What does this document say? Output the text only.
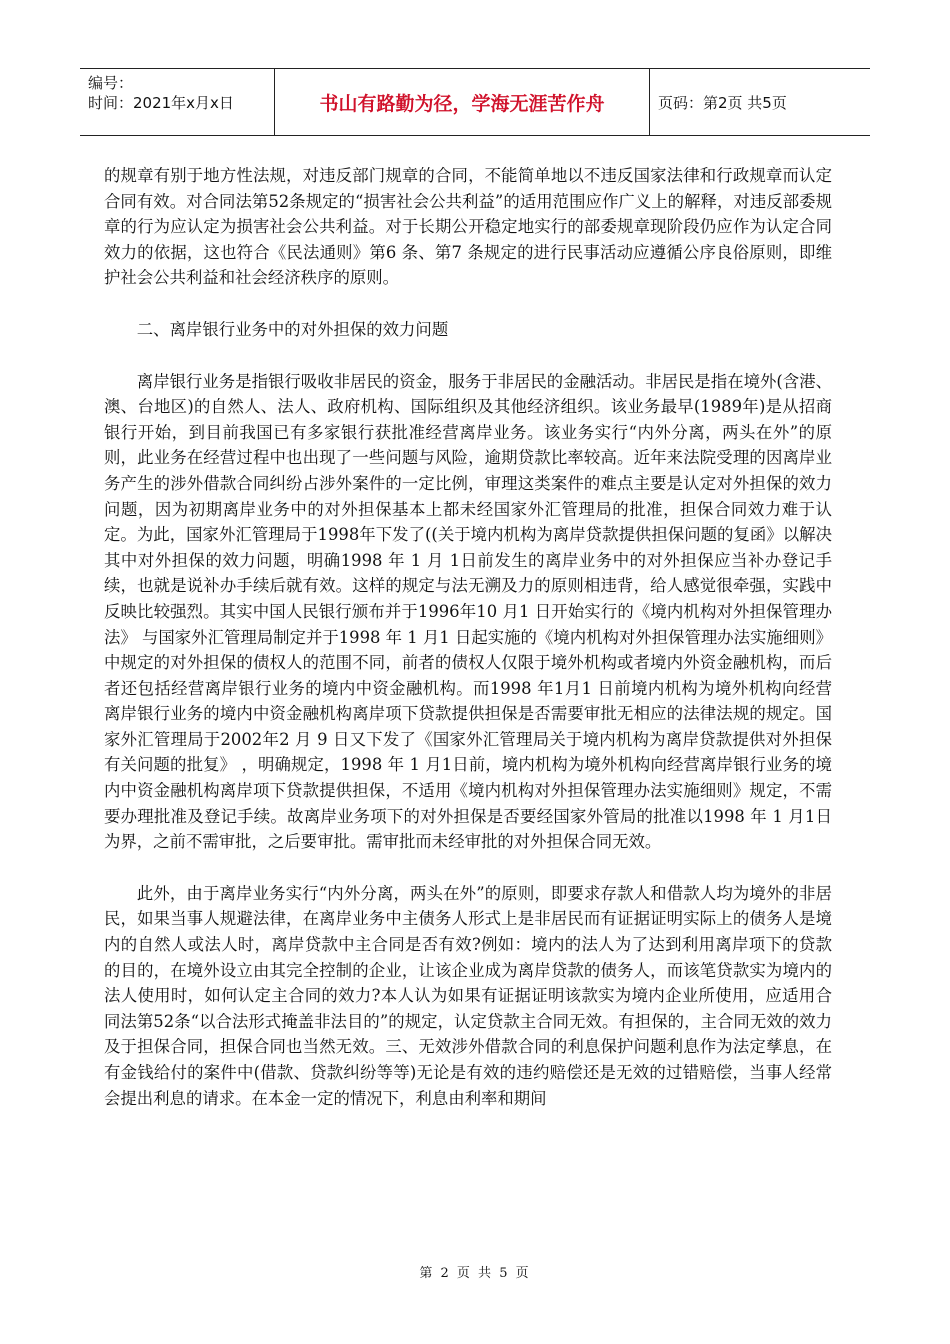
编号：
时间：2021年x月x日	书山有路勤为径，学海无涯苦作舟	页码：第2页 共5页

的规章有别于地方性法规，对违反部门规章的合同，不能简单地以不违反国家法律和行政规章而认定合同有效。对合同法第52条规定的“损害社会公共利益”的适用范围应作广义上的解释，对违反部委规章的行为应认定为损害社会公共利益。对于长期公开稳定地实行的部委规章现阶段仍应作为认定合同效力的依据，这也符合《民法通则》第6 条、第7 条规定的进行民事活动应遵循公序良俗原则，即维护社会公共利益和社会经济秩序的原则。

二、离岸银行业务中的对外担保的效力问题

离岸银行业务是指银行吸收非居民的资金，服务于非居民的金融活动。非居民是指在境外(含港、澳、台地区)的自然人、法人、政府机构、国际组织及其他经济组织。该业务最早(1989年)是从招商银行开始，到目前我国已有多家银行获批准经营离岸业务。该业务实行“内外分离，两头在外”的原则，此业务在经营过程中也出现了一些问题与风险，逾期贷款比率较高。近年来法院受理的因离岸业务产生的涉外借款合同纠纷占涉外案件的一定比例，审理这类案件的难点主要是认定对外担保的效力问题，因为初期离岸业务中的对外担保基本上都未经国家外汇管理局的批准，担保合同效力难于认定。为此，国家外汇管理局于1998年下发了((关于境内机构为离岸贷款提供担保问题的复函》以解决其中对外担保的效力问题，明确1998 年 1 月 1日前发生的离岸业务中的对外担保应当补办登记手续，也就是说补办手续后就有效。这样的规定与法无溯及力的原则相违背，给人感觉很牵强，实践中反映比较强烈。其实中国人民银行颁布并于1996年10 月1 日开始实行的《境内机构对外担保管理办法》 与国家外汇管理局制定并于1998 年 1 月1 日起实施的《境内机构对外担保管理办法实施细则》中规定的对外担保的债权人的范围不同，前者的债权人仅限于境外机构或者境内外资金融机构，而后者还包括经营离岸银行业务的境内中资金融机构。而1998 年1月1 日前境内机构为境外机构向经营离岸银行业务的境内中资金融机构离岸项下贷款提供担保是否需要审批无相应的法律法规的规定。国家外汇管理局于2002年2 月 9 日又下发了《国家外汇管理局关于境内机构为离岸贷款提供对外担保有关问题的批复》 ，明确规定，1998 年 1 月1日前，境内机构为境外机构向经营离岸银行业务的境内中资金融机构离岸项下贷款提供担保，不适用《境内机构对外担保管理办法实施细则》规定，不需要办理批准及登记手续。故离岸业务项下的对外担保是否要经国家外管局的批准以1998 年 1 月1日为界，之前不需审批，之后要审批。需审批而未经审批的对外担保合同无效。

此外，由于离岸业务实行“内外分离，两头在外”的原则，即要求存款人和借款人均为境外的非居民，如果当事人规避法律，在离岸业务中主债务人形式上是非居民而有证据证明实际上的债务人是境内的自然人或法人时，离岸贷款中主合同是否有效?例如：境内的法人为了达到利用离岸项下的贷款的目的，在境外设立由其完全控制的企业，让该企业成为离岸贷款的债务人，而该笔贷款实为境内的法人使用时，如何认定主合同的效力?本人认为如果有证据证明该款实为境内企业所使用，应适用合同法第52条“以合法形式掩盖非法目的”的规定，认定贷款主合同无效。有担保的，主合同无效的效力及于担保合同，担保合同也当然无效。三、无效涉外借款合同的利息保护问题利息作为法定孳息，在有金钱给付的案件中(借款、贷款纠纷等等)无论是有效的违约赔偿还是无效的过错赔偿，当事人经常会提出利息的请求。在本金一定的情况下，利息由利率和期间

第 2 页 共 5 页
